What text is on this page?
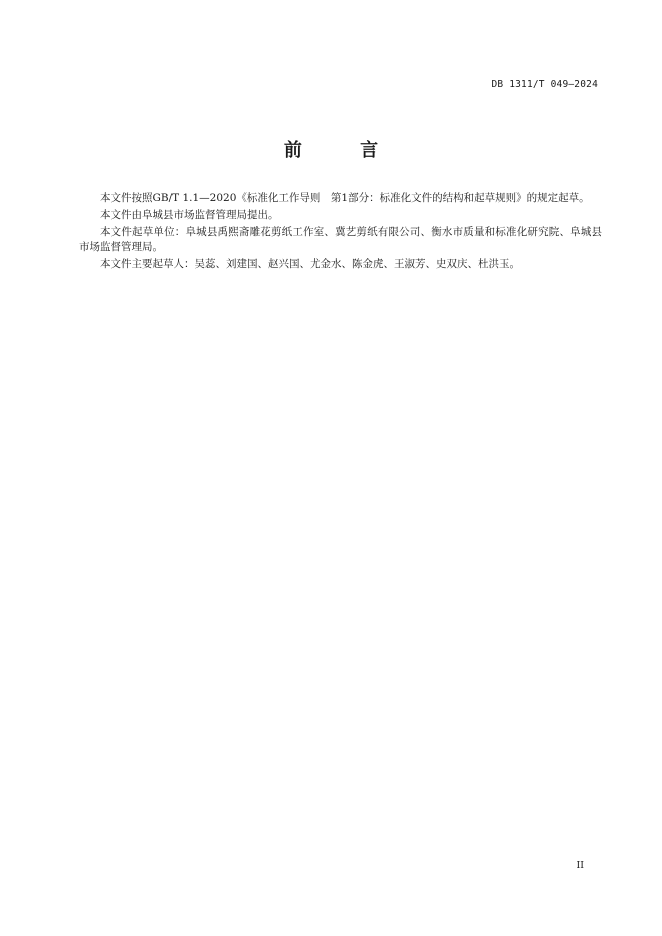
DB 1311/T 049—2024
前 言

本文件按照GB/T 1.1—2020《标准化工作导则　第1部分：标准化文件的结构和起草规则》的规定起草。

本文件由阜城县市场监督管理局提出。

本文件起草单位：阜城县禹熙斋雕花剪纸工作室、冀艺剪纸有限公司、衡水市质量和标准化研究院、阜城县市场监督管理局。

本文件主要起草人：吴蕊、刘建国、赵兴国、尤金水、陈金虎、王淑芳、史双庆、杜洪玉。

II
